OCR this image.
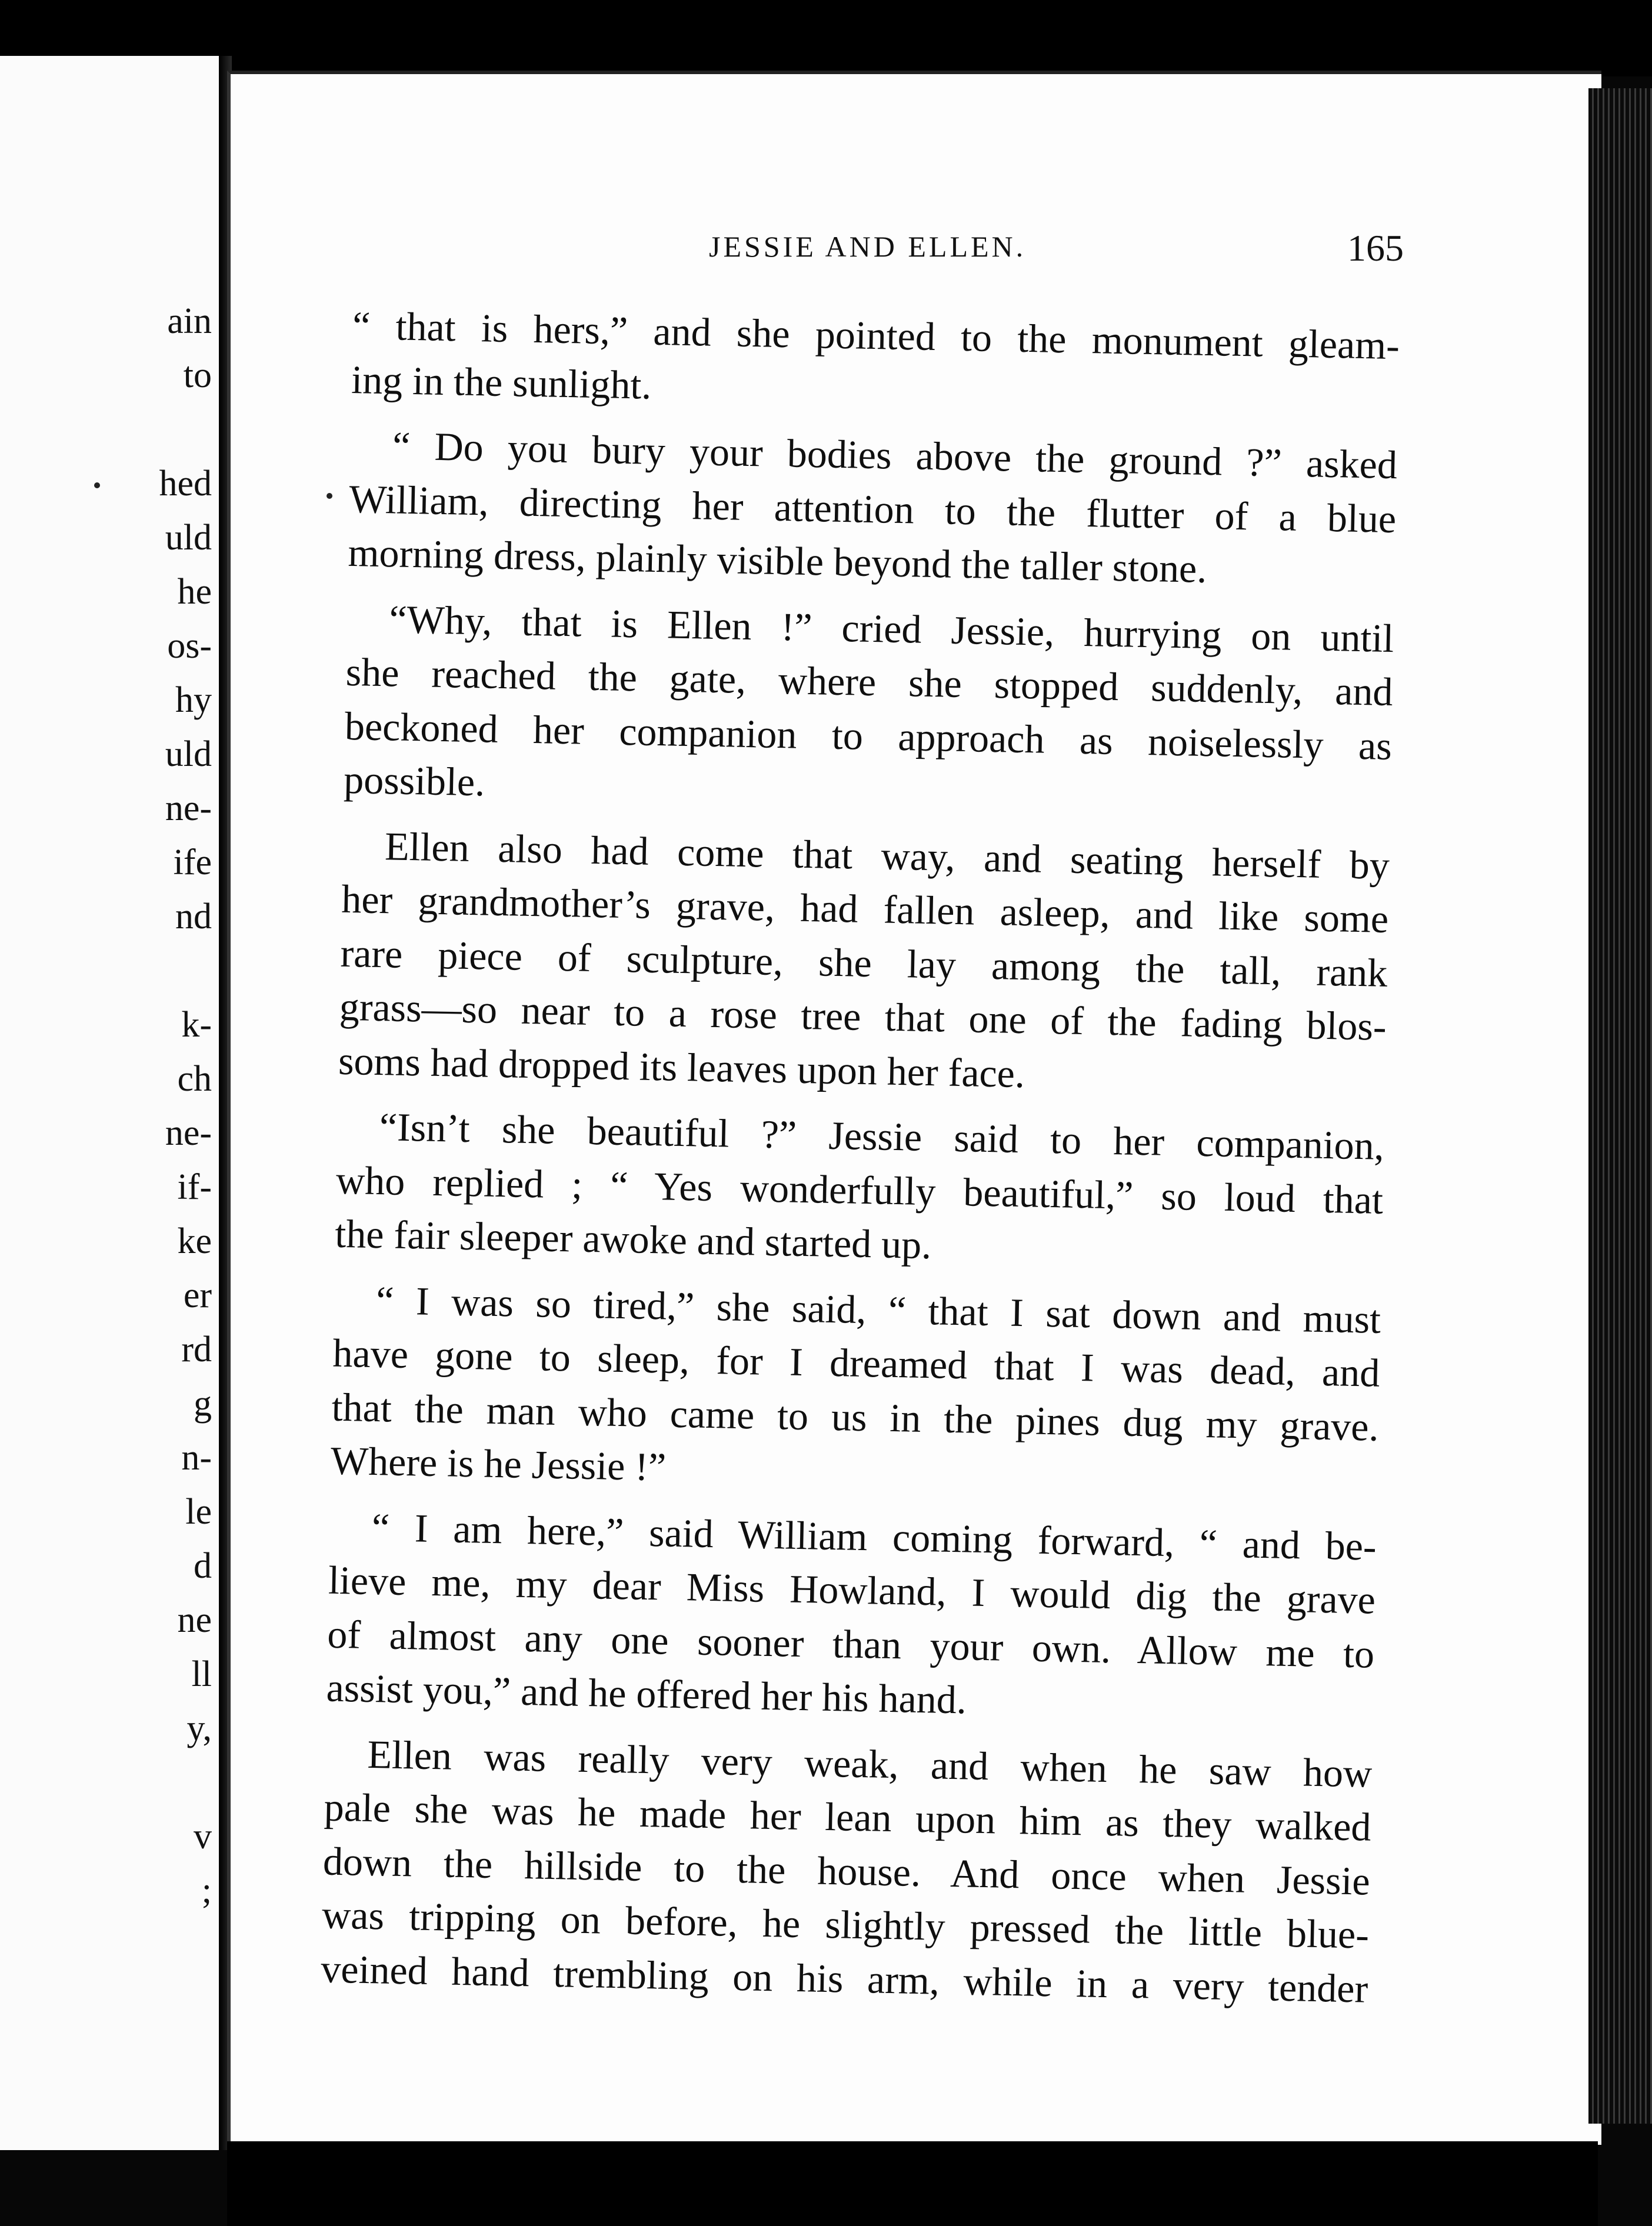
ain
to
hed
uld
he
os-
hy
uld
ne-
ife
nd
k-
ch
ne-
if-
ke
er
rd
g
n-
le
d
ne
ll
y,
v
;
JESSIE AND ELLEN.	165
“ that is hers,” and she pointed to the monument gleam-
ing in the sunlight.
“ Do you bury your bodies above the ground ?” asked
William, directing her attention to the flutter of a blue
morning dress, plainly visible beyond the taller stone.
“Why, that is Ellen !” cried Jessie, hurrying on until
she reached the gate, where she stopped suddenly, and
beckoned her companion to approach as noiselessly as
possible.
Ellen also had come that way, and seating herself by
her grandmother’s grave, had fallen asleep, and like some
rare piece of sculpture, she lay among the tall, rank
grass—so near to a rose tree that one of the fading blos-
soms had dropped its leaves upon her face.
“Isn’t she beautiful ?” Jessie said to her companion,
who replied ; “ Yes wonderfully beautiful,” so loud that
the fair sleeper awoke and started up.
“ I was so tired,” she said, “ that I sat down and must
have gone to sleep, for I dreamed that I was dead, and
that the man who came to us in the pines dug my grave.
Where is he Jessie !”
“ I am here,” said William coming forward, “ and be-
lieve me, my dear Miss Howland, I would dig the grave
of almost any one sooner than your own. Allow me to
assist you,” and he offered her his hand.
Ellen was really very weak, and when he saw how
pale she was he made her lean upon him as they walked
down the hillside to the house. And once when Jessie
was tripping on before, he slightly pressed the little blue-
veined hand trembling on his arm, while in a very tender
